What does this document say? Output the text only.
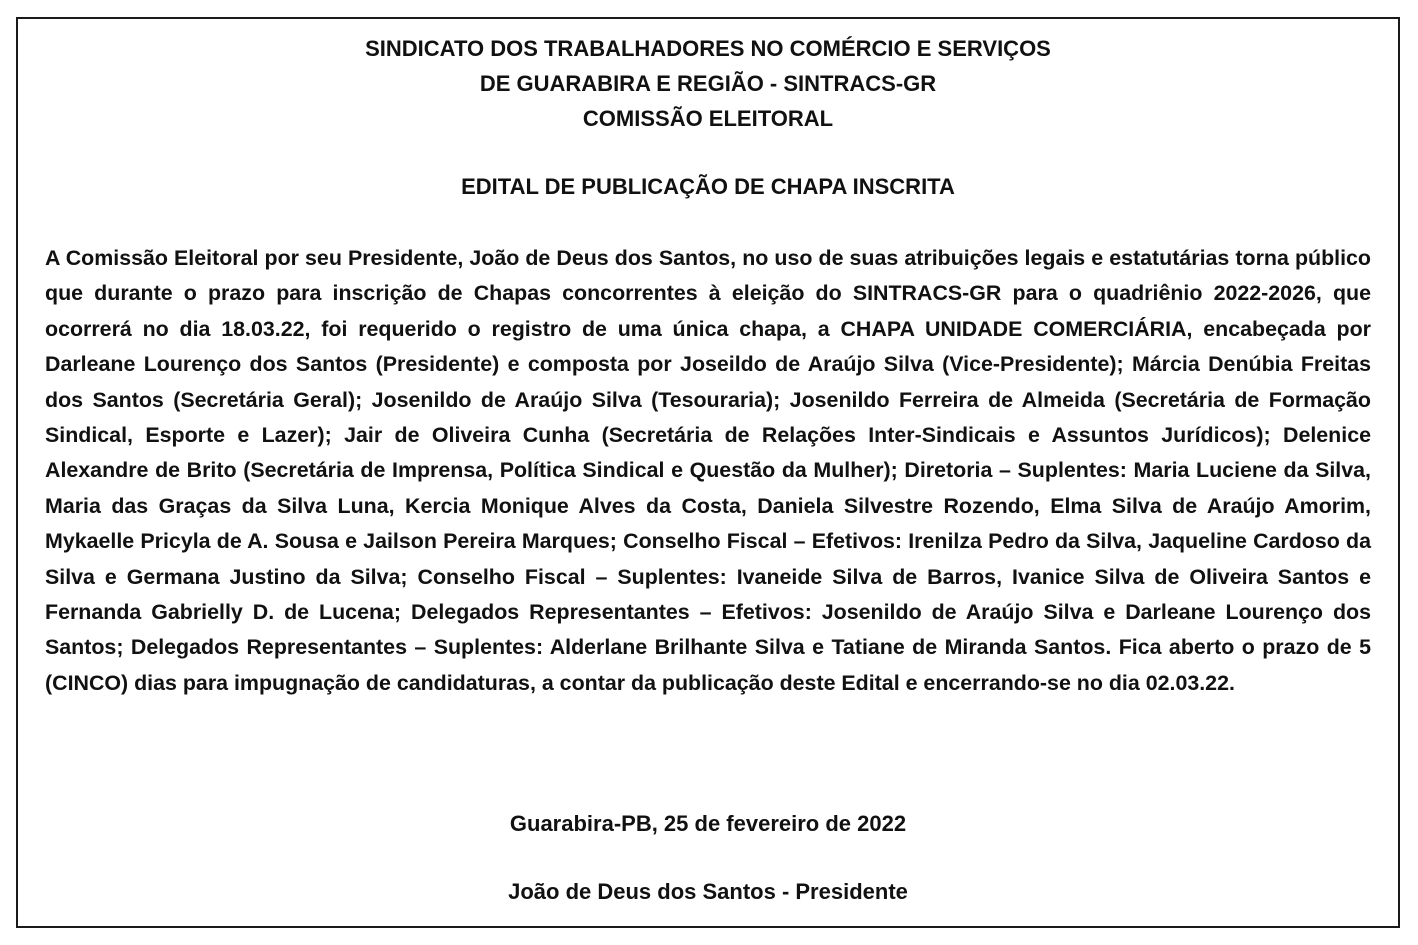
SINDICATO DOS TRABALHADORES NO COMÉRCIO E SERVIÇOS
DE GUARABIRA E REGIÃO - SINTRACS-GR
COMISSÃO ELEITORAL
EDITAL DE PUBLICAÇÃO DE CHAPA INSCRITA

A Comissão Eleitoral por seu Presidente, João de Deus dos Santos, no uso de suas atribuições legais e estatutárias torna público que durante o prazo para inscrição de Chapas concorrentes à eleição do SINTRACS-GR para o quadriênio 2022-2026, que ocorrerá no dia 18.03.22, foi requerido o registro de uma única chapa, a CHAPA UNIDADE COMERCIÁRIA, encabeçada por Darleane Lourenço dos Santos (Presidente) e composta por Joseildo de Araújo Silva (Vice-Presidente); Márcia Denúbia Freitas dos Santos (Secretária Geral); Josenildo de Araújo Silva (Tesouraria); Josenildo Ferreira de Almeida (Secretária de Formação Sindical, Esporte e Lazer); Jair de Oliveira Cunha (Secretária de Relações Inter-Sindicais e Assuntos Jurídicos); Delenice Alexandre de Brito (Secretária de Imprensa, Política Sindical e Questão da Mulher); Diretoria – Suplentes: Maria Luciene da Silva, Maria das Graças da Silva Luna, Kercia Monique Alves da Costa, Daniela Silvestre Rozendo, Elma Silva de Araújo Amorim, Mykaelle Pricyla de A. Sousa e Jailson Pereira Marques; Conselho Fiscal – Efetivos: Irenilza Pedro da Silva, Jaqueline Cardoso da Silva e Germana Justino da Silva; Conselho Fiscal – Suplentes: Ivaneide Silva de Barros, Ivanice Silva de Oliveira Santos e Fernanda Gabrielly D. de Lucena; Delegados Representantes – Efetivos: Josenildo de Araújo Silva e Darleane Lourenço dos Santos; Delegados Representantes – Suplentes: Alderlane Brilhante Silva e Tatiane de Miranda Santos. Fica aberto o prazo de 5 (CINCO) dias para impugnação de candidaturas, a contar da publicação deste Edital e encerrando-se no dia 02.03.22.

Guarabira-PB, 25 de fevereiro de 2022
João de Deus dos Santos - Presidente
